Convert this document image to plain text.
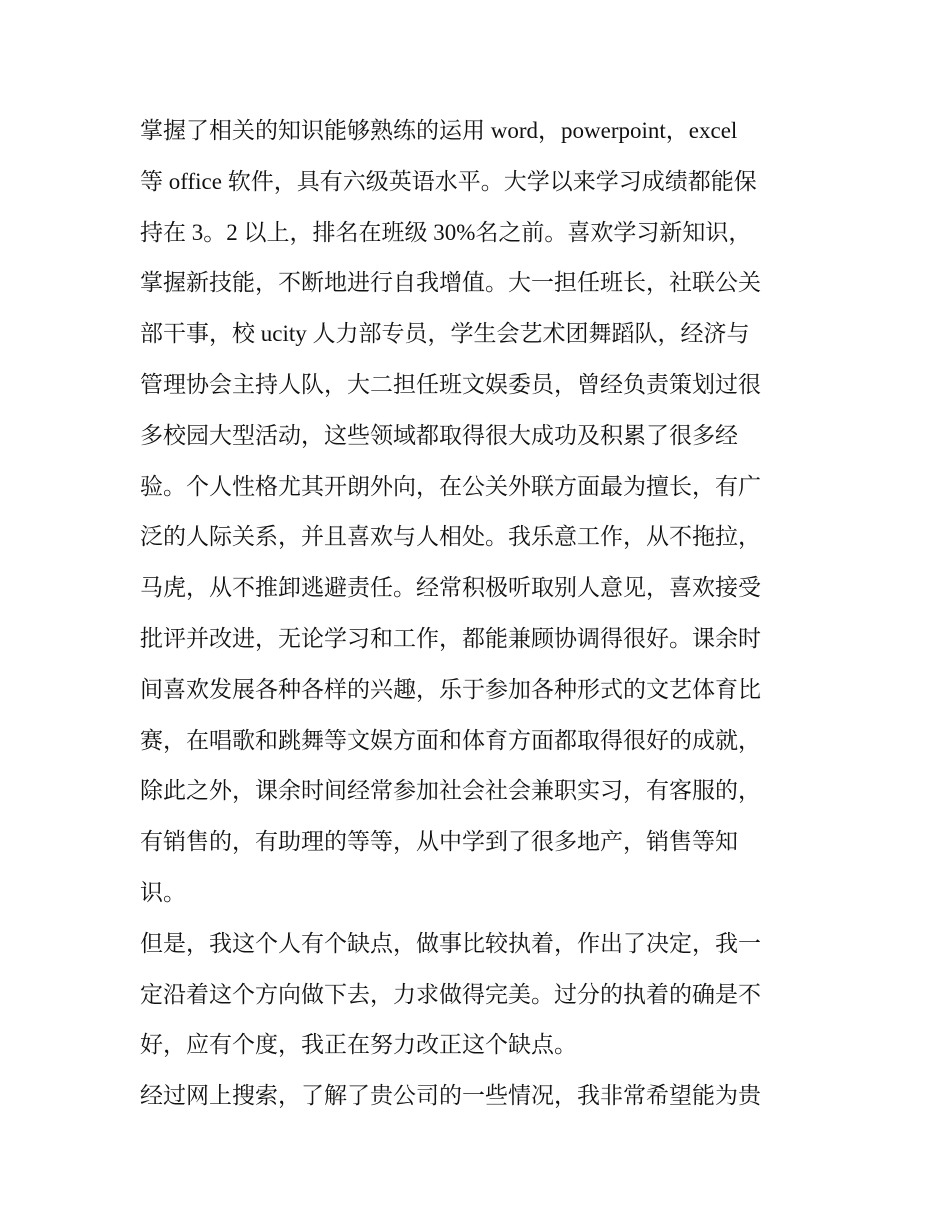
掌握了相关的知识能够熟练的运用 word，powerpoint，excel
等 office 软件，具有六级英语水平。大学以来学习成绩都能保
持在 3。2 以上，排名在班级 30%名之前。喜欢学习新知识，
掌握新技能，不断地进行自我增值。大一担任班长，社联公关
部干事，校 ucity 人力部专员，学生会艺术团舞蹈队，经济与
管理协会主持人队，大二担任班文娱委员，曾经负责策划过很
多校园大型活动，这些领域都取得很大成功及积累了很多经
验。个人性格尤其开朗外向，在公关外联方面最为擅长，有广
泛的人际关系，并且喜欢与人相处。我乐意工作，从不拖拉，
马虎，从不推卸逃避责任。经常积极听取别人意见，喜欢接受
批评并改进，无论学习和工作，都能兼顾协调得很好。课余时
间喜欢发展各种各样的兴趣，乐于参加各种形式的文艺体育比
赛，在唱歌和跳舞等文娱方面和体育方面都取得很好的成就，
除此之外，课余时间经常参加社会社会兼职实习，有客服的，
有销售的，有助理的等等，从中学到了很多地产，销售等知
识。
但是，我这个人有个缺点，做事比较执着，作出了决定，我一
定沿着这个方向做下去，力求做得完美。过分的执着的确是不
好，应有个度，我正在努力改正这个缺点。
经过网上搜索，了解了贵公司的一些情况，我非常希望能为贵
